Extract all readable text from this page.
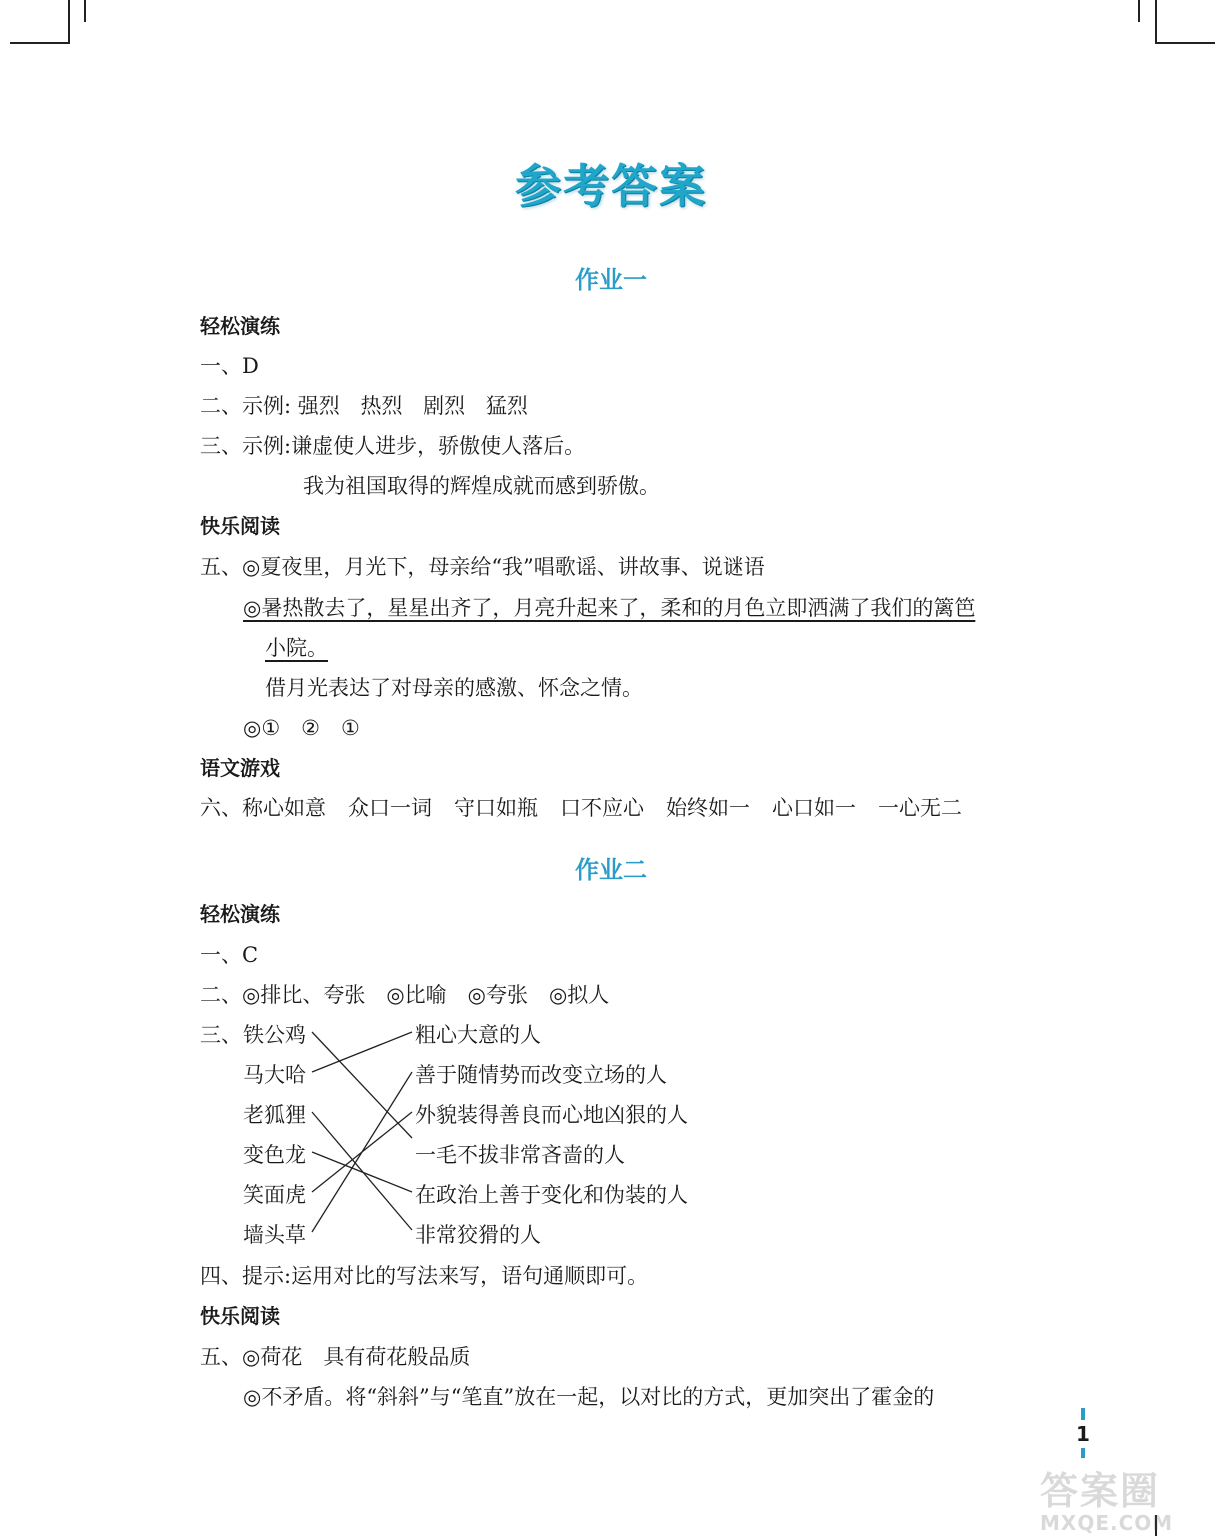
参考答案
作业一
轻松演练
一、D
二、示例: 强烈 热烈 剧烈 猛烈
三、示例:谦虚使人进步，骄傲使人落后。
我为祖国取得的辉煌成就而感到骄傲。
快乐阅读
五、◎夏夜里，月光下，母亲给“我”唱歌谣、讲故事、说谜语
◎暑热散去了，星星出齐了，月亮升起来了，柔和的月色立即洒满了我们的篱笆
小院。
借月光表达了对母亲的感激、怀念之情。
◎①　②　①
语文游戏
六、称心如意 众口一词 守口如瓶 口不应心 始终如一 心口如一 一心无二
作业二
轻松演练
一、C
二、◎排比、夸张　◎比喻　◎夸张　◎拟人
三、 铁公鸡
马大哈
老狐狸
变色龙
笑面虎
墙头草
粗心大意的人
善于随情势而改变立场的人
外貌装得善良而心地凶狠的人
一毛不拔非常吝啬的人
在政治上善于变化和伪装的人
非常狡猾的人
四、提示:运用对比的写法来写，语句通顺即可。
快乐阅读
五、◎荷花　具有荷花般品质
◎不矛盾。将“斜斜”与“笔直”放在一起，以对比的方式，更加突出了霍金的
1
答案圈
MXQE.COM
